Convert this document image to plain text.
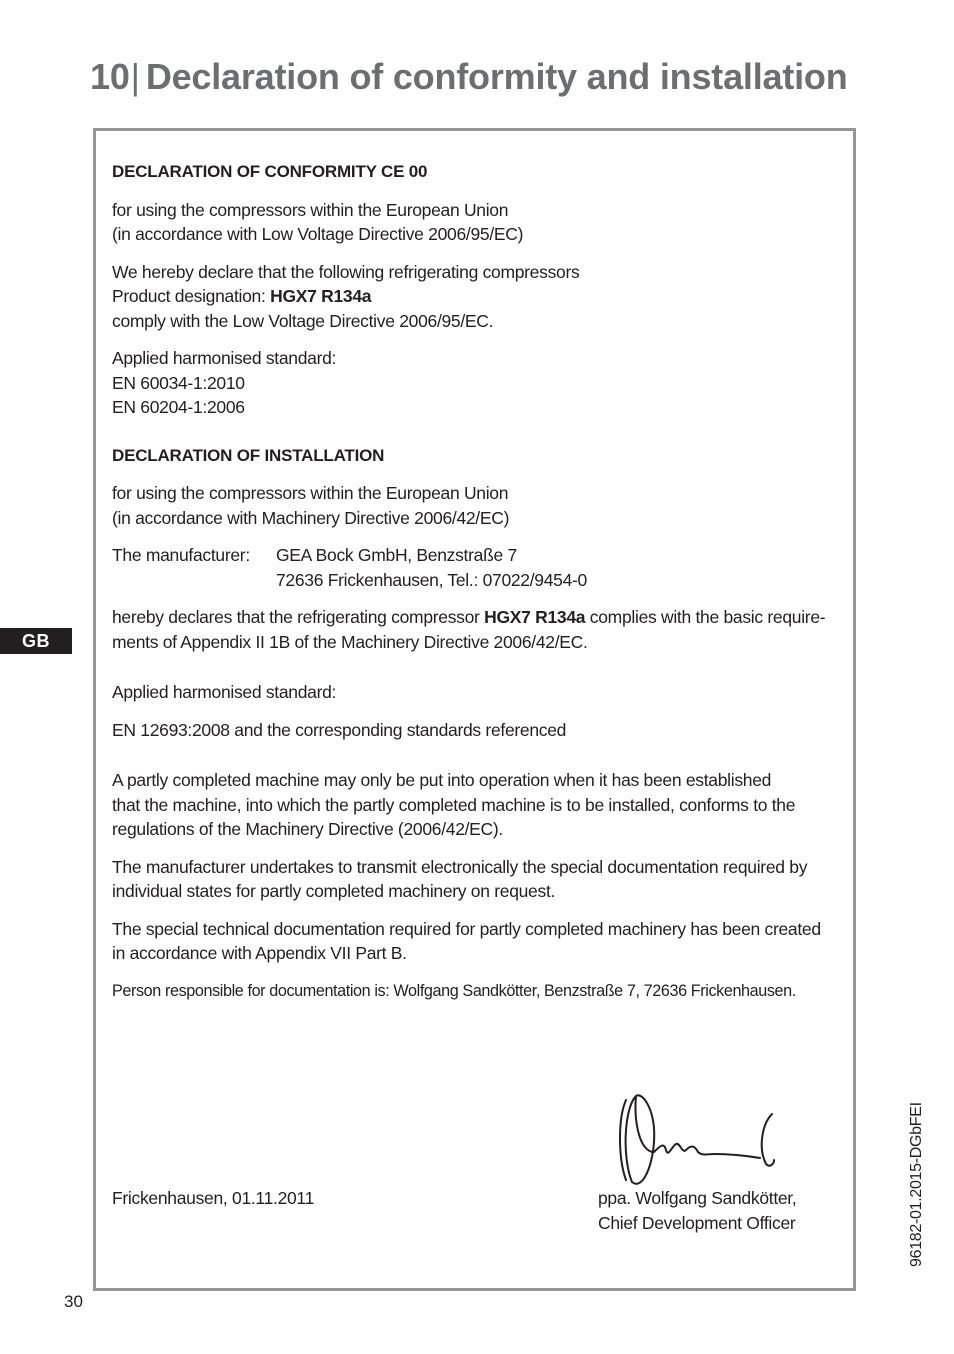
10| Declaration of conformity and installation
GB

DECLARATION OF CONFORMITY CE 00

for using the compressors within the European Union

(in accordance with Low Voltage Directive 2006/95/EC)

We hereby declare that the following refrigerating compressors

Product designation: HGX7 R134a

comply with the Low Voltage Directive 2006/95/EC.

Applied harmonised standard:

EN 60034-1:2010

EN 60204-1:2006

DECLARATION OF INSTALLATION

for using the compressors within the European Union

(in accordance with Machinery Directive 2006/42/EC)

The manufacturer:	GEA Bock GmbH, Benzstraße 7

72636 Frickenhausen, Tel.: 07022/9454-0

hereby declares that the refrigerating compressor HGX7 R134a complies with the basic require-

ments of Appendix II 1B of the Machinery Directive 2006/42/EC.

Applied harmonised standard:

EN 12693:2008 and the corresponding standards referenced

A partly completed machine may only be put into operation when it has been established

that the machine, into which the partly completed machine is to be installed, conforms to the

regulations of the Machinery Directive (2006/42/EC).

The manufacturer undertakes to transmit electronically the special documentation required by

individual states for partly completed machinery on request.

The special technical documentation required for partly completed machinery has been created

in accordance with Appendix VII Part B.

Person responsible for documentation is: Wolfgang Sandkötter, Benzstraße 7, 72636 Frickenhausen.

Frickenhausen, 01.11.2011	ppa. Wolfgang Sandkötter,
Chief Development Officer
30
96182-01.2015-DGbFEI
